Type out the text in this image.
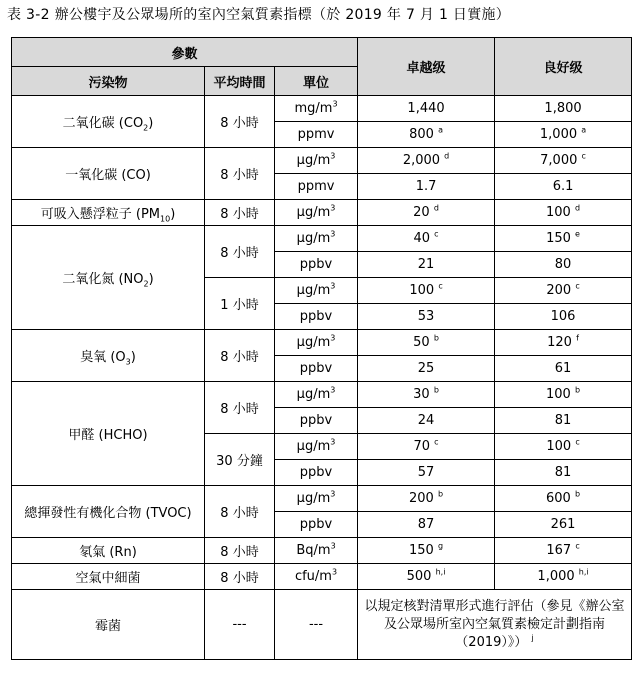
表 3-2 辦公樓宇及公眾場所的室內空氣質素指標（於 2019 年 7 月 1 日實施）
參數			卓越级	良好级
污染物	平均時間	單位		
二氧化碳 $(CO_2)$	8 小時	$mg/m^3$	1,440	1,800
		ppmv	800 $^a$	1,000 $^a$
一氧化碳 (CO)	8 小時	$\mu g/m^3$	2,000 $^d$	7,000 $^c$
		ppmv	1.7	6.1
可吸入懸浮粒子 $(PM_{10})$	8 小時	$\mu g/m^3$	20 $^d$	100 $^d$
二氧化氮 $(NO_2)$	8 小時	$\mu g/m^3$	40 $^c$	150 $^e$
		ppbv	21	80
	1 小時	$\mu g/m^3$	100 $^c$	200 $^c$
		ppbv	53	106
臭氧 $(O_3)$	8 小時	$\mu g/m^3$	50 $^b$	120 $^f$
		ppbv	25	61
甲醛 (HCHO)	8 小時	$\mu g/m^3$	30 $^b$	100 $^b$
		ppbv	24	81
	30 分鐘	$\mu g/m^3$	70 $^c$	100 $^c$
		ppbv	57	81
總揮發性有機化合物 (TVOC)	8 小時	$\mu g/m^3$	200 $^b$	600 $^b$
		ppbv	87	261
氡氣 (Rn)	8 小時	$Bq/m^3$	150 $^g$	167 $^c$
空氣中細菌	8 小時	cfu/$m^3$	500 $^{h,i}$	1,000 $^{h,i}$
霉菌	---	---	以規定核對清單形式進行評估（參見《辦公室及公眾場所室內空氣質素檢定計劃指南（2019）》） $^j$
